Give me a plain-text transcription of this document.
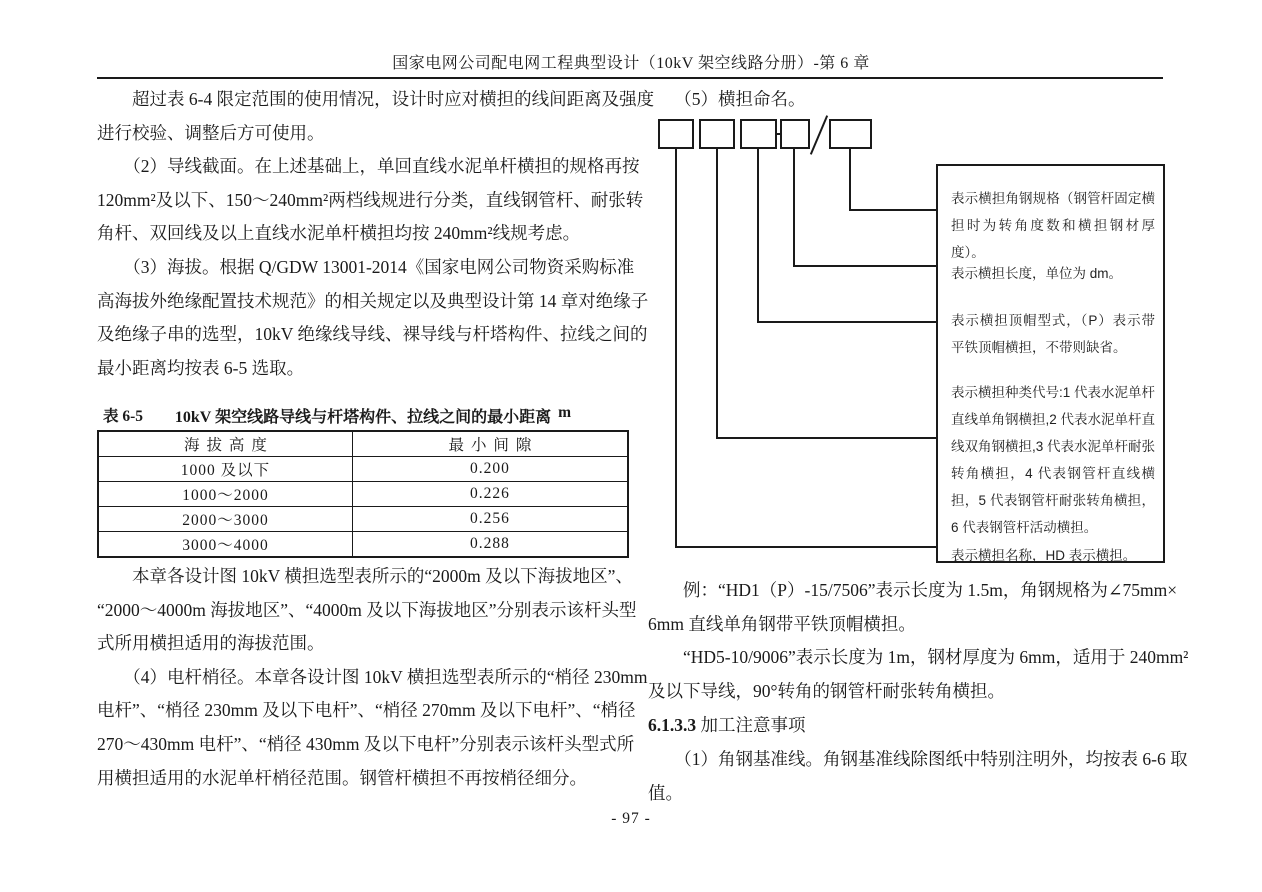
国家电网公司配电网工程典型设计（10kV 架空线路分册）-第 6 章
　　超过表 6-4 限定范围的使用情况，设计时应对横担的线间距离及强度
进行校验、调整后方可使用。
　　（2）导线截面。在上述基础上，单回直线水泥单杆横担的规格再按
120mm²及以下、150～240mm²两档线规进行分类，直线钢管杆、耐张转
角杆、双回线及以上直线水泥单杆横担均按 240mm²线规考虑。
　　（3）海拔。根据 Q/GDW 13001-2014《国家电网公司物资采购标准
高海拔外绝缘配置技术规范》的相关规定以及典型设计第 14 章对绝缘子
及绝缘子串的选型，10kV 绝缘线导线、裸导线与杆塔构件、拉线之间的
最小距离均按表 6-5 选取。
表 6-5	10kV 架空线路导线与杆塔构件、拉线之间的最小距离 m
海拔高度	最小间隙
1000 及以下	0.200
1000～2000	0.226
2000～3000	0.256
3000～4000	0.288
　　本章各设计图 10kV 横担选型表所示的“2000m 及以下海拔地区”、
“2000～4000m 海拔地区”、“4000m 及以下海拔地区”分别表示该杆头型
式所用横担适用的海拔范围。
　　（4）电杆梢径。本章各设计图 10kV 横担选型表所示的“梢径 230mm
电杆”、“梢径 230mm 及以下电杆”、“梢径 270mm 及以下电杆”、“梢径
270～430mm 电杆”、“梢径 430mm 及以下电杆”分别表示该杆头型式所
用横担适用的水泥单杆梢径范围。钢管杆横担不再按梢径细分。
　　（5）横担命名。
表示横担角钢规格（钢管杆固定横担时为转角度数和横担钢材厚度）。
表示横担长度，单位为 dm。
表示横担顶帽型式，（P）表示带平铁顶帽横担，不带则缺省。
表示横担种类代号:1 代表水泥单杆直线单角钢横担,2 代表水泥单杆直线双角钢横担,3 代表水泥单杆耐张转角横担，4 代表钢管杆直线横担，5 代表钢管杆耐张转角横担，6 代表钢管杆活动横担。
表示横担名称，HD 表示横担。
　　例：“HD1（P）-15/7506”表示长度为 1.5m，角钢规格为∠75mm×
6mm 直线单角钢带平铁顶帽横担。
　　“HD5-10/9006”表示长度为 1m，钢材厚度为 6mm，适用于 240mm²
及以下导线，90°转角的钢管杆耐张转角横担。
6.1.3.3 加工注意事项
　　（1）角钢基准线。角钢基准线除图纸中特别注明外，均按表 6-6 取
值。
- 97 -
